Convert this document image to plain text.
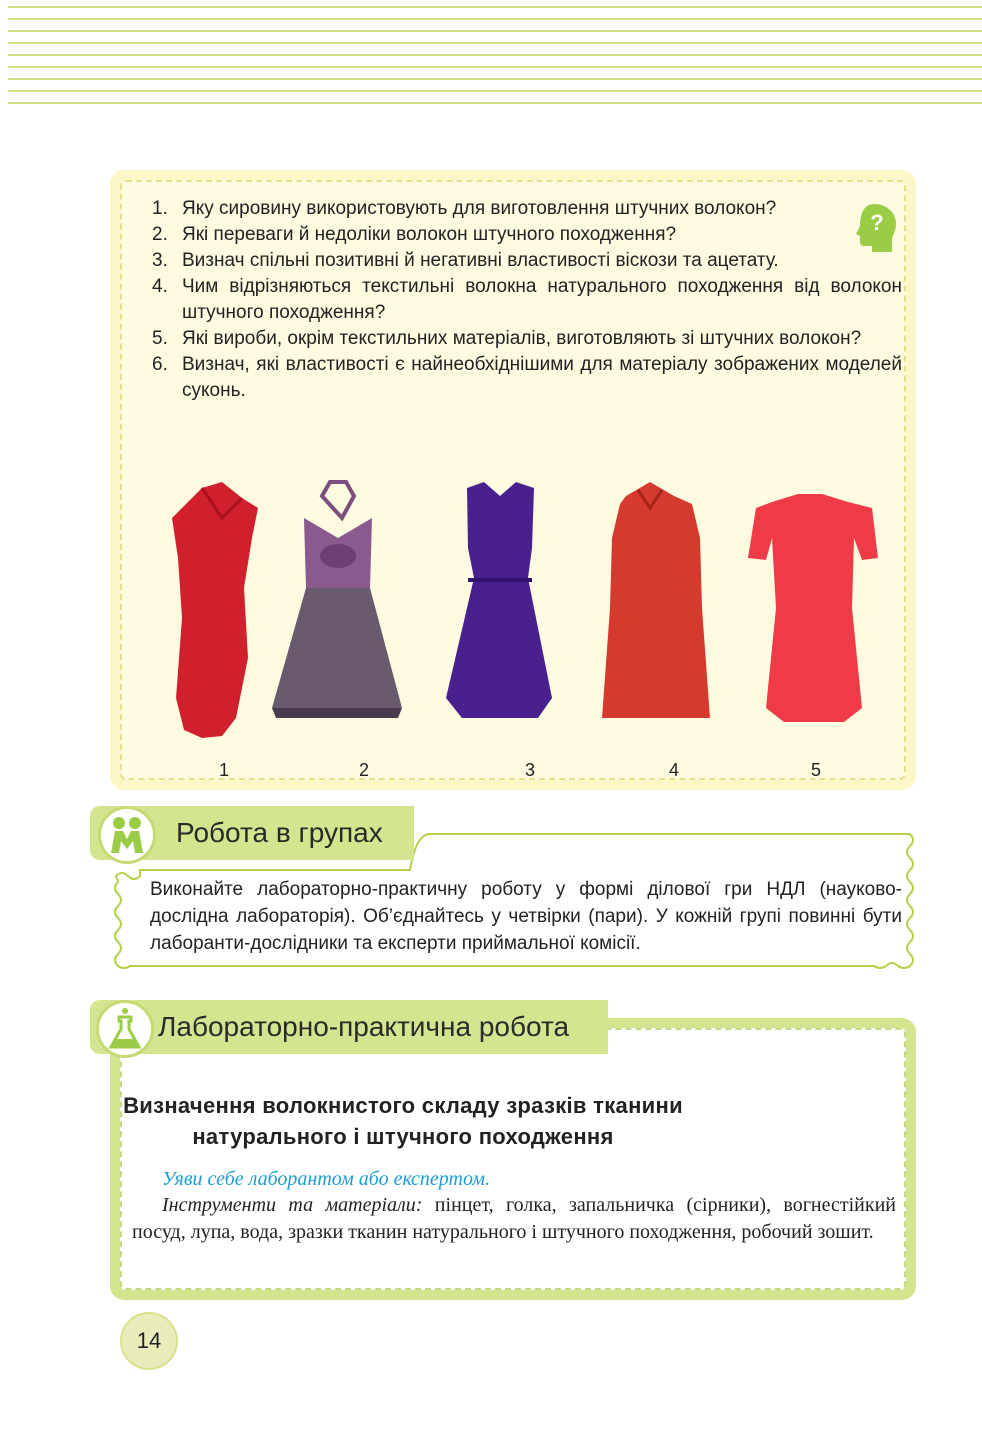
1. Яку сировину використовують для виготовлення штучних волокон?
2. Які переваги й недоліки волокон штучного походження?
3. Визнач спільні позитивні й негативні властивості віскози та ацетату.
4. Чим відрізняються текстильні волокна натурального походження від волокон штучного походження?
5. Які вироби, окрім текстильних матеріалів, виготовляють зі штучних волокон?
6. Визнач, які властивості є найнеобхіднішими для матеріалу зображених моделей суконь.
?
1	2	3	4	5
Робота в групах
Виконайте лабораторно-практичну роботу у формі ділової гри НДЛ (науково-дослідна лабораторія). Об’єднайтесь у четвірки (пари). У кожній групі повинні бути лаборанти-дослідники та експерти приймальної комісії.
Лабораторно-практична робота
Визначення волокнистого складу зразків тканини
натурального і штучного походження
Уяви себе лаборантом або експертом.
Інструменти та матеріали: пінцет, голка, запальничка (сірники), вогнестійкий посуд, лупа, вода, зразки тканин натурального і штучного походження, робочий зошит.
14
